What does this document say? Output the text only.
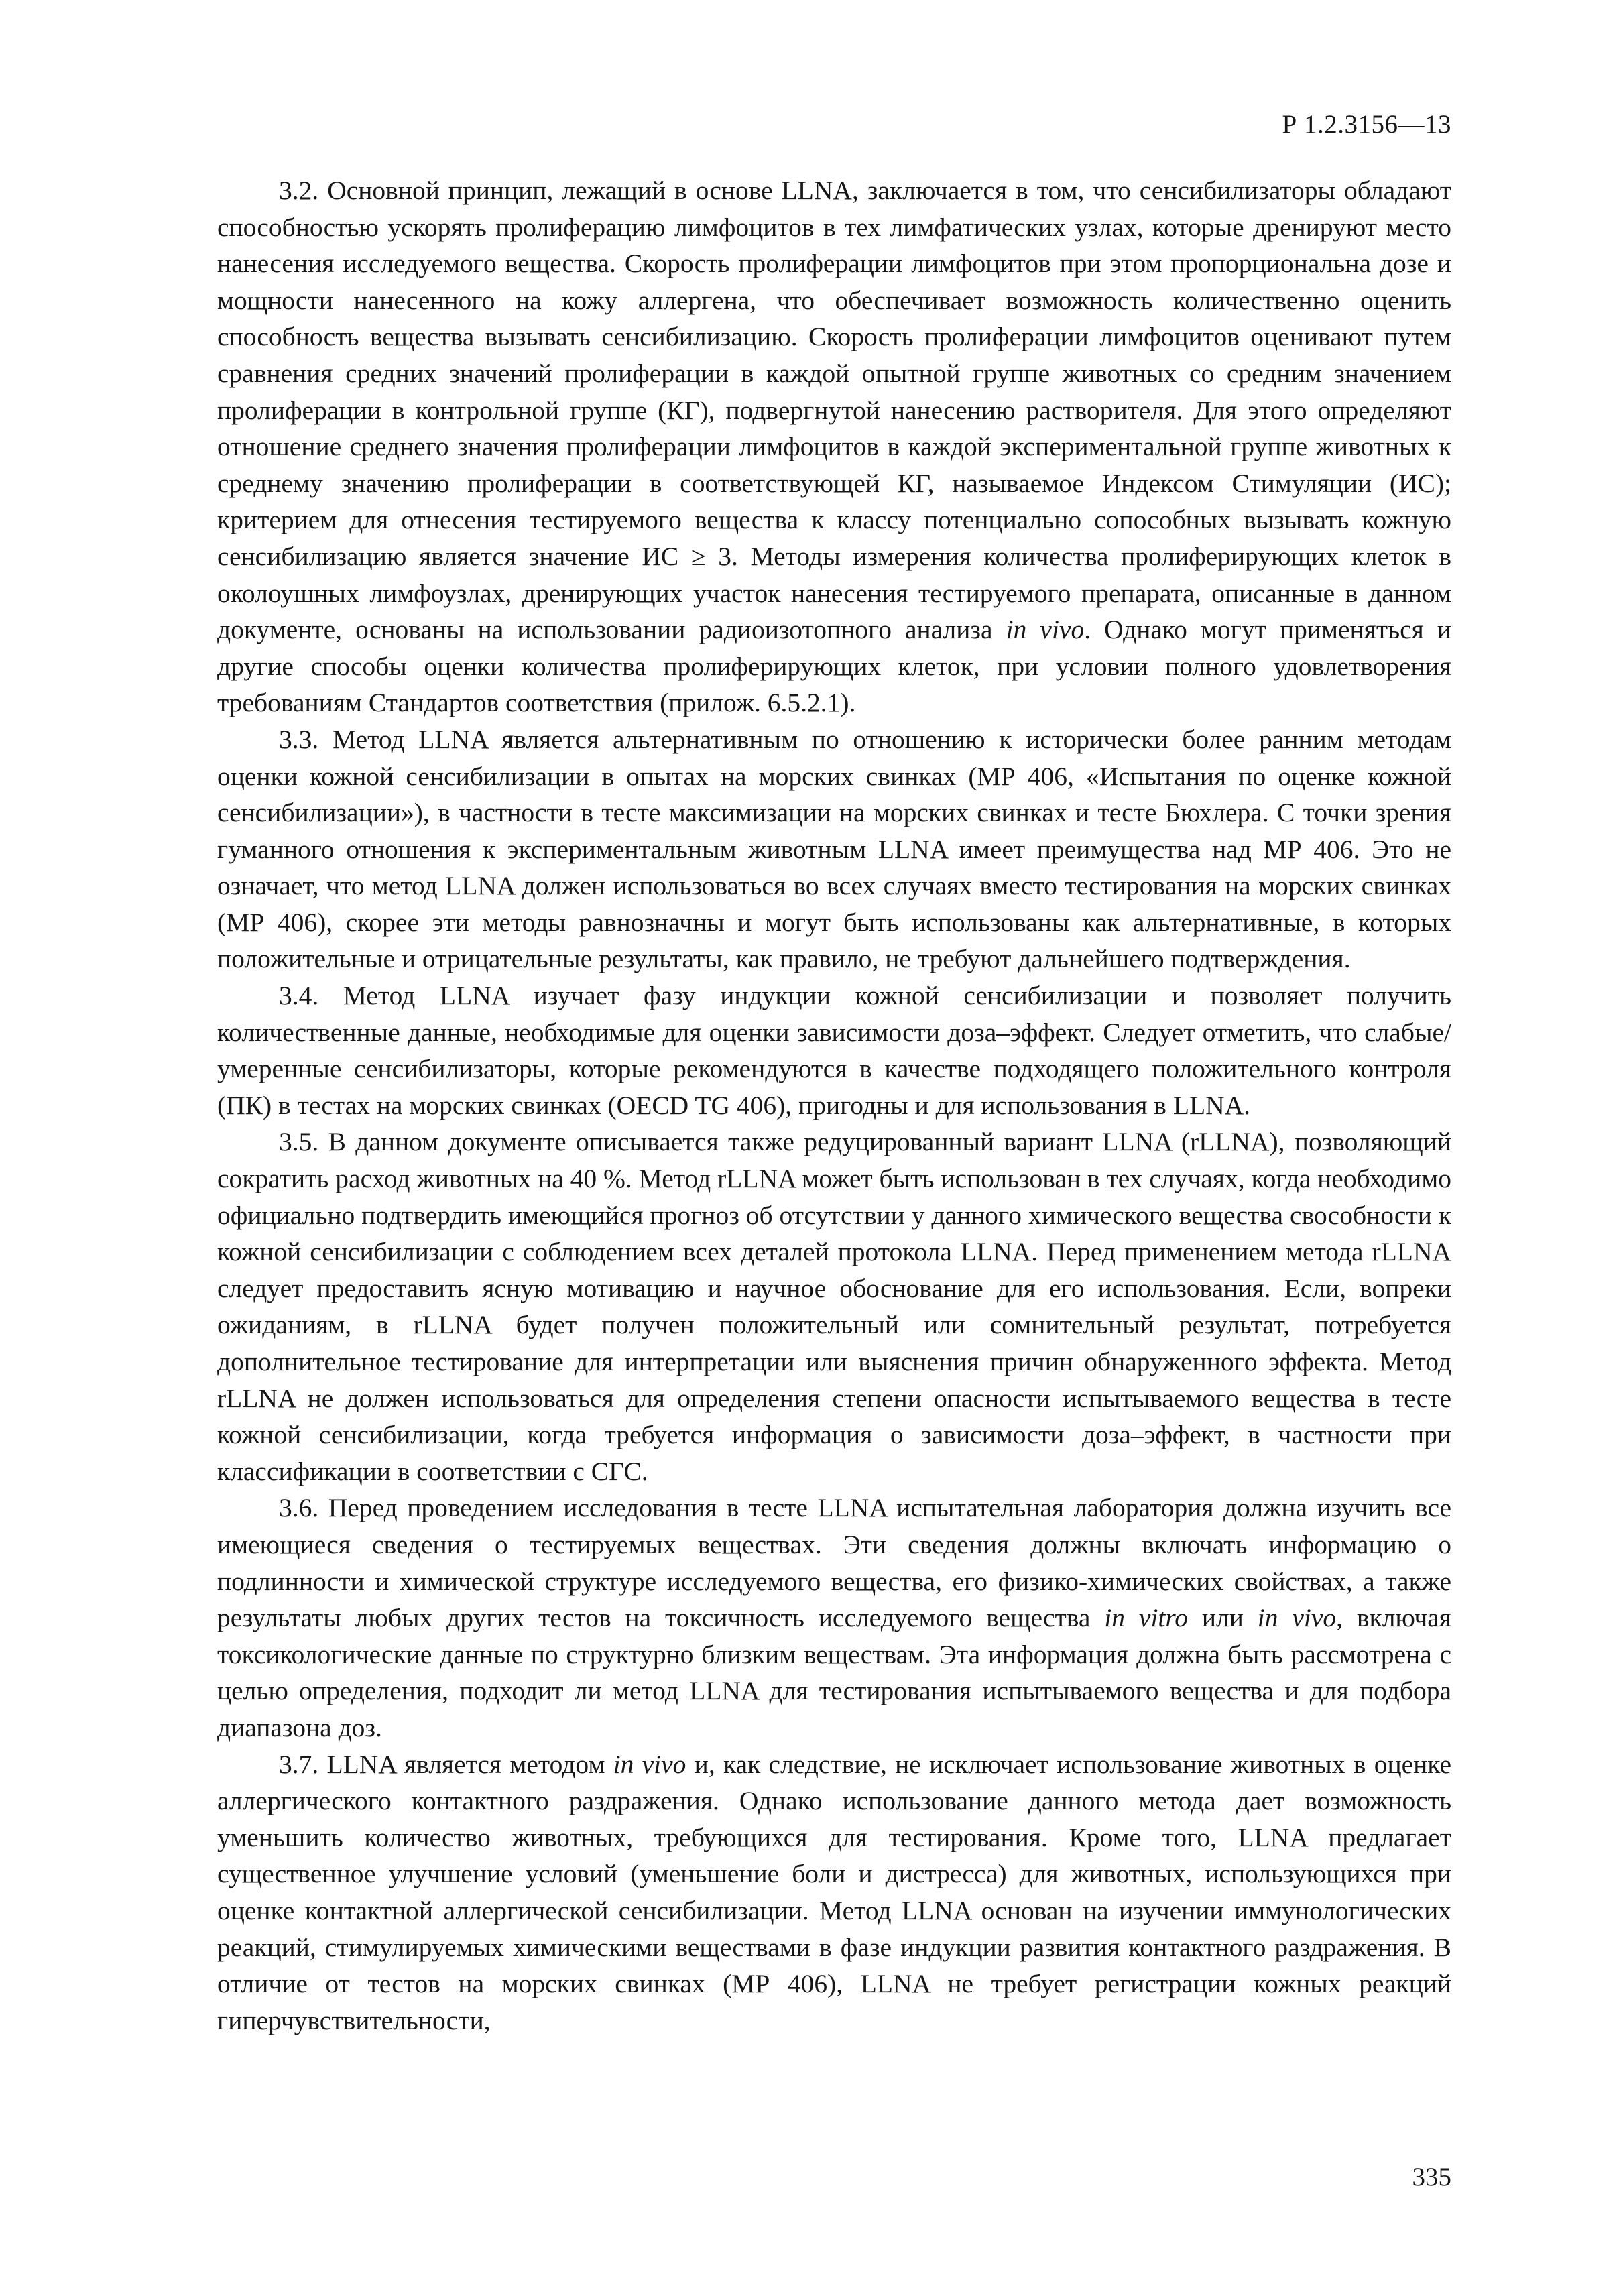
Р 1.2.3156—13

3.2. Основной принцип, лежащий в основе LLNA, заключается в том, что сенсибилизаторы обладают способностью ускорять пролиферацию лимфоцитов в тех лимфатических узлах, которые дренируют место нанесения исследуемого вещества. Скорость пролиферации лимфоцитов при этом пропорциональна дозе и мощности нанесенного на кожу аллергена, что обеспечивает возможность количественно оценить способность вещества вызывать сенсибилизацию. Скорость пролиферации лимфоцитов оценивают путем сравнения средних значений пролиферации в каждой опытной группе животных со средним значением пролиферации в контрольной группе (КГ), подвергнутой нанесению растворителя. Для этого определяют отношение среднего значения пролиферации лимфоцитов в каждой экспериментальной группе животных к среднему значению пролиферации в соответствующей КГ, называемое Индексом Стимуляции (ИС); критерием для отнесения тестируемого вещества к классу потенциально сопособных вызывать кожную сенсибилизацию является значение ИС ≥ 3. Методы измерения количества пролиферирующих клеток в околоушных лимфоузлах, дренирующих участок нанесения тестируемого препарата, описанные в данном документе, основаны на использовании радиоизотопного анализа in vivo. Однако могут применяться и другие способы оценки количества пролиферирующих клеток, при условии полного удовлетворения требованиям Стандартов соответствия (прилож. 6.5.2.1).

3.3. Метод LLNA является альтернативным по отношению к исторически более ранним методам оценки кожной сенсибилизации в опытах на морских свинках (МР 406, «Испытания по оценке кожной сенсибилизации»), в частности в тесте максимизации на морских свинках и тесте Бюхлера. С точки зрения гуманного отношения к экспериментальным животным LLNA имеет преимущества над МР 406. Это не означает, что метод LLNA должен использоваться во всех случаях вместо тестирования на морских свинках (МР 406), скорее эти методы равнозначны и могут быть использованы как альтернативные, в которых положительные и отрицательные результаты, как правило, не требуют дальнейшего подтверждения.

3.4. Метод LLNA изучает фазу индукции кожной сенсибилизации и позволяет получить количественные данные, необходимые для оценки зависимости доза–эффект. Следует отметить, что слабые/умеренные сенсибилизаторы, которые рекомендуются в качестве подходящего положительного контроля (ПК) в тестах на морских свинках (OECD TG 406), пригодны и для использования в LLNA.

3.5. В данном документе описывается также редуцированный вариант LLNA (rLLNA), позволяющий сократить расход животных на 40 %. Метод rLLNA может быть использован в тех случаях, когда необходимо официально подтвердить имеющийся прогноз об отсутствии у данного химического вещества свособности к кожной сенсибилизации с соблюдением всех деталей протокола LLNA. Перед применением метода rLLNA следует предоставить ясную мотивацию и научное обоснование для его использования. Если, вопреки ожиданиям, в rLLNA будет получен положительный или сомнительный результат, потребуется дополнительное тестирование для интерпретации или выяснения причин обнаруженного эффекта. Метод rLLNA не должен использоваться для определения степени опасности испытываемого вещества в тесте кожной сенсибилизации, когда требуется информация о зависимости доза–эффект, в частности при классификации в соответствии с СГС.

3.6. Перед проведением исследования в тесте LLNA испытательная лаборатория должна изучить все имеющиеся сведения о тестируемых веществах. Эти сведения должны включать информацию о подлинности и химической структуре исследуемого вещества, его физико-химических свойствах, а также результаты любых других тестов на токсичность исследуемого вещества in vitro или in vivo, включая токсикологические данные по структурно близким веществам. Эта информация должна быть рассмотрена с целью определения, подходит ли метод LLNA для тестирования испытываемого вещества и для подбора диапазона доз.

3.7. LLNA является методом in vivo и, как следствие, не исключает использование животных в оценке аллергического контактного раздражения. Однако использование данного метода дает возможность уменьшить количество животных, требующихся для тестирования. Кроме того, LLNA предлагает существенное улучшение условий (уменьшение боли и дистресса) для животных, использующихся при оценке контактной аллергической сенсибилизации. Метод LLNA основан на изучении иммунологических реакций, стимулируемых химическими веществами в фазе индукции развития контактного раздражения. В отличие от тестов на морских свинках (МР 406), LLNA не требует регистрации кожных реакций гиперчувствительности,

335
